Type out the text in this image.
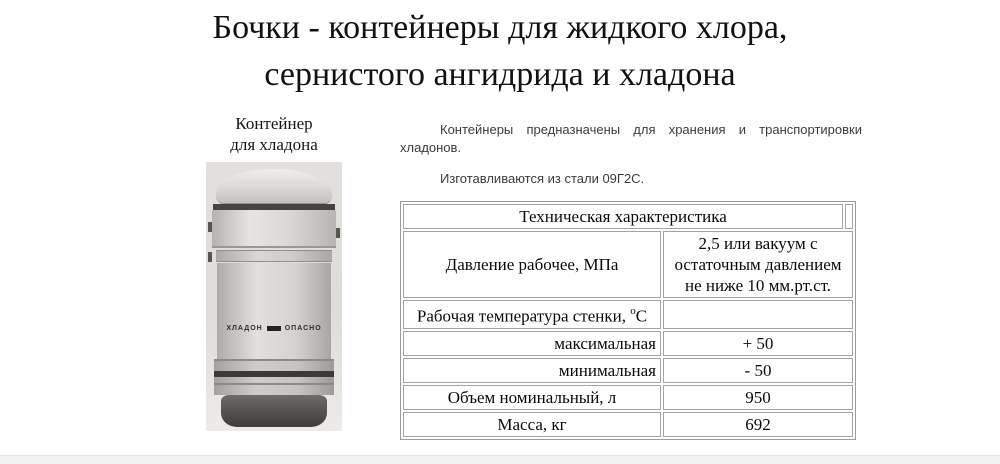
Бочки - контейнеры для жидкого хлора,
сернистого ангидрида и хладона
Контейнер
для хладона
ХЛАДОН	ОПАСНО

Контейнеры предназначены для хранения и транспортировки хладонов.

Изготавливаются из стали 09Г2С.

Техническая характеристика		
Давление рабочее, МПа	2,5 или вакуум с остаточным давлением не ниже 10 мм.рт.ст.	
Рабочая температура стенки, $^о$С		
максимальная	+ 50	
минимальная	- 50	
Объем номинальный, л	950	
Масса, кг	692	
